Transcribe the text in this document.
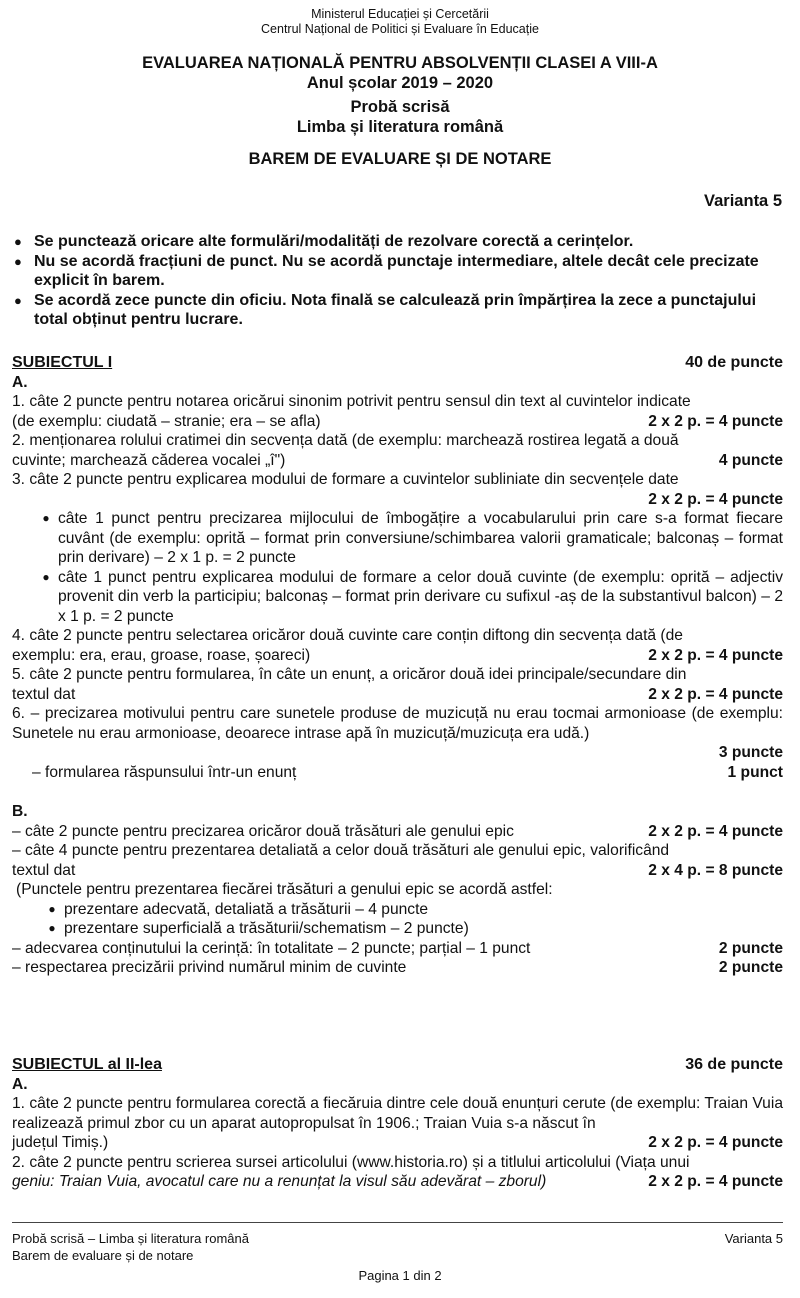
Ministerul Educației și Cercetării
Centrul Național de Politici și Evaluare în Educație
EVALUAREA NAȚIONALĂ PENTRU ABSOLVENȚII CLASEI A VIII-A
Anul școlar 2019 – 2020
Probă scrisă
Limba și literatura română
BAREM DE EVALUARE ȘI DE NOTARE
Varianta 5
● Se punctează oricare alte formulări/modalități de rezolvare corectă a cerințelor.
● Nu se acordă fracțiuni de punct. Nu se acordă punctaje intermediare, altele decât cele precizate explicit în barem.
● Se acordă zece puncte din oficiu. Nota finală se calculează prin împărțirea la zece a punctajului total obținut pentru lucrare.
SUBIECTUL I	40 de puncte
A.
1. câte 2 puncte pentru notarea oricărui sinonim potrivit pentru sensul din text al cuvintelor indicate
(de exemplu: ciudată – stranie; era – se afla)	2 x 2 p. = 4 puncte
2. menționarea rolului cratimei din secvența dată (de exemplu: marchează rostirea legată a două
cuvinte; marchează căderea vocalei „î")	4 puncte
3. câte 2 puncte pentru explicarea modului de formare a cuvintelor subliniate din secvențele date
2 x 2 p. = 4 puncte
● câte 1 punct pentru precizarea mijlocului de îmbogățire a vocabularului prin care s-a format fiecare cuvânt (de exemplu: oprită – format prin conversiune/schimbarea valorii gramaticale; balconaș – format prin derivare) – 2 x 1 p. = 2 puncte
● câte 1 punct pentru explicarea modului de formare a celor două cuvinte (de exemplu: oprită – adjectiv provenit din verb la participiu; balconaș – format prin derivare cu sufixul -aș de la substantivul balcon) – 2 x 1 p. = 2 puncte
4. câte 2 puncte pentru selectarea oricăror două cuvinte care conțin diftong din secvența dată (de
exemplu: era, erau, groase, roase, șoareci)	2 x 2 p. = 4 puncte
5. câte 2 puncte pentru formularea, în câte un enunț, a oricăror două idei principale/secundare din
textul dat	2 x 2 p. = 4 puncte
6. – precizarea motivului pentru care sunetele produse de muzicuță nu erau tocmai armonioase (de exemplu: Sunetele nu erau armonioase, deoarece intrase apă în muzicuță/muzicuța era udă.)
3 puncte
– formularea răspunsului într-un enunț	1 punct
B.
– câte 2 puncte pentru precizarea oricăror două trăsături ale genului epic	2 x 2 p. = 4 puncte
– câte 4 puncte pentru prezentarea detaliată a celor două trăsături ale genului epic, valorificând
textul dat	2 x 4 p. = 8 puncte
(Punctele pentru prezentarea fiecărei trăsături a genului epic se acordă astfel:
● prezentare adecvată, detaliată a trăsăturii – 4 puncte
● prezentare superficială a trăsăturii/schematism – 2 puncte)
– adecvarea conținutului la cerință: în totalitate – 2 puncte; parțial – 1 punct	2 puncte
– respectarea precizării privind numărul minim de cuvinte	2 puncte
SUBIECTUL al II-lea	36 de puncte
A.
1. câte 2 puncte pentru formularea corectă a fiecăruia dintre cele două enunțuri cerute (de exemplu: Traian Vuia realizează primul zbor cu un aparat autopropulsat în 1906.; Traian Vuia s-a născut în
județul Timiș.)	2 x 2 p. = 4 puncte
2. câte 2 puncte pentru scrierea sursei articolului (www.historia.ro) și a titlului articolului (Viața unui
geniu: Traian Vuia, avocatul care nu a renunțat la visul său adevărat – zborul)	2 x 2 p. = 4 puncte
Probă scrisă – Limba și literatura română	Varianta 5
Barem de evaluare și de notare
Pagina 1 din 2
